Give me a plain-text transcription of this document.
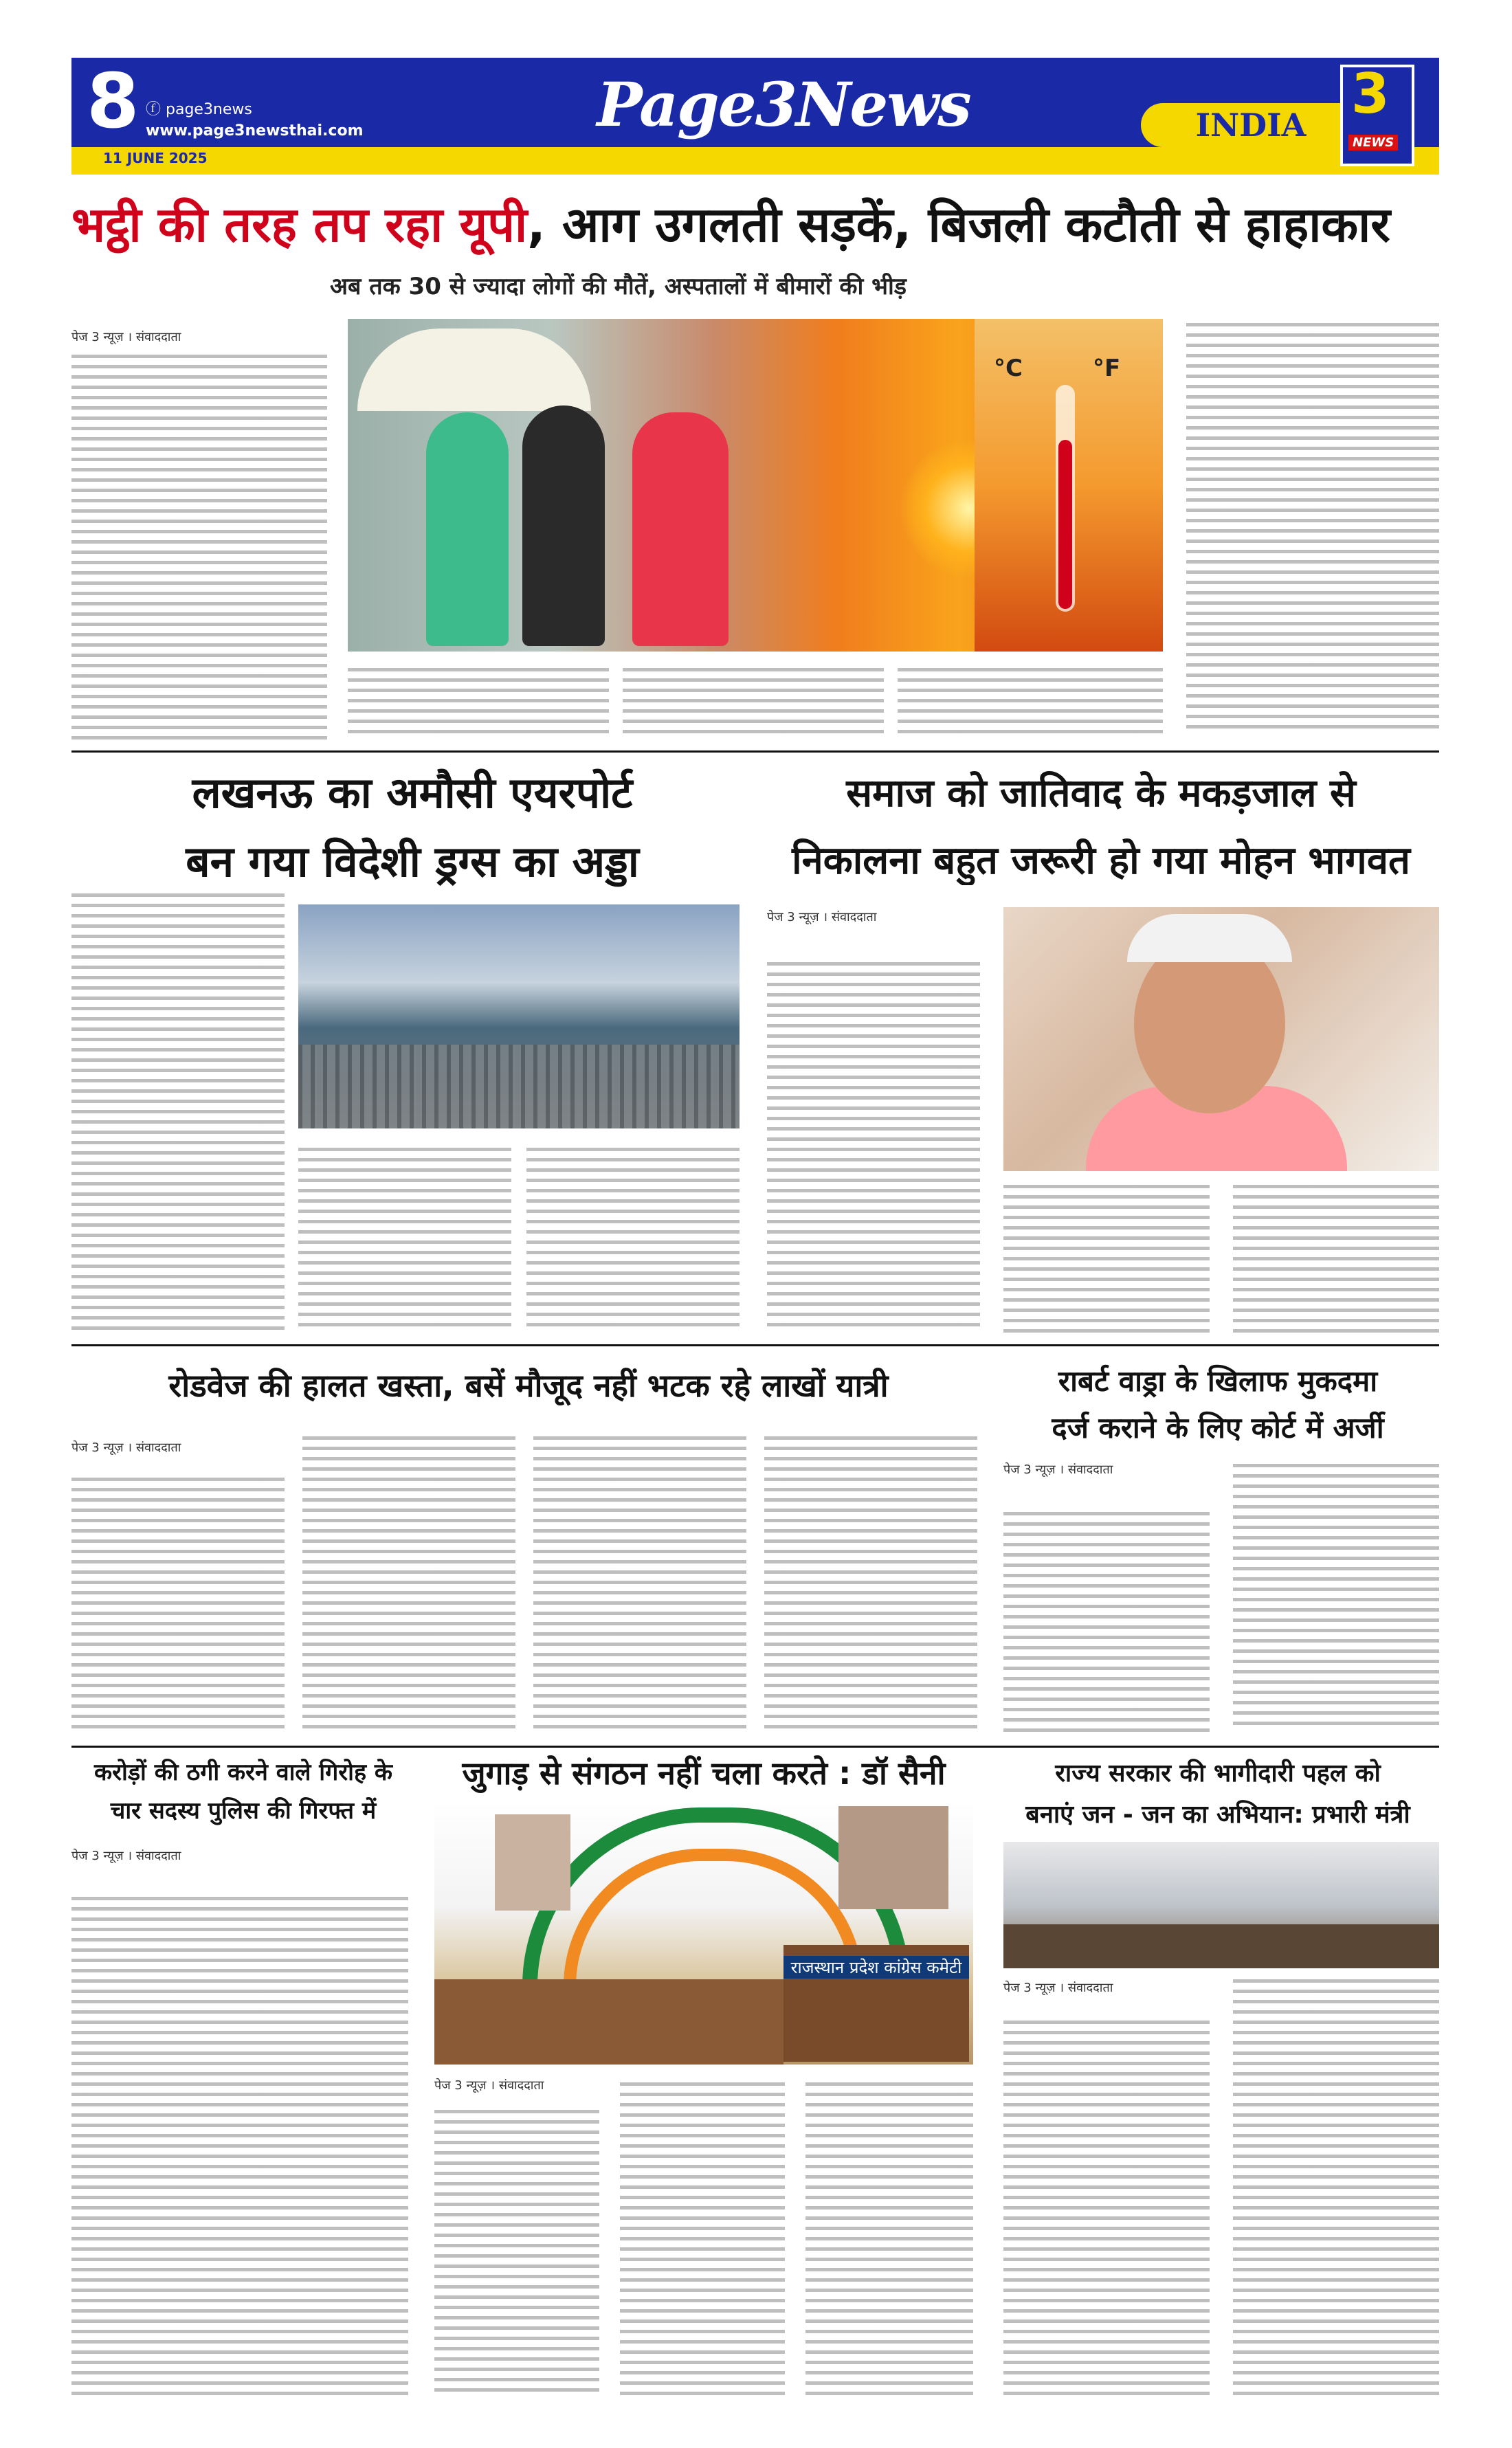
8 ⓕ page3news
www.page3newsthai.com
11 JUNE 2025
Page3News	INDIA 3
NEWS
भट्ठी की तरह तप रहा यूपी, आग उगलती सड़कें, बिजली कटौती से हाहाकार
अब तक 30 से ज्यादा लोगों की मौतें, अस्पतालों में बीमारों की भीड़
पेज 3 न्यूज़ । संवाददाता
°C	°F
लखनऊ का अमौसी एयरपोर्ट
बन गया विदेशी ड्रग्स का अड्डा
समाज को जातिवाद के मकड़जाल से
निकालना बहुत जरूरी हो गया मोहन भागवत
पेज 3 न्यूज़ । संवाददाता
रोडवेज की हालत खस्ता, बसें मौजूद नहीं भटक रहे लाखों यात्री
पेज 3 न्यूज़ । संवाददाता
राबर्ट वाड्रा के खिलाफ मुकदमा
दर्ज कराने के लिए कोर्ट में अर्जी
पेज 3 न्यूज़ । संवाददाता
करोड़ों की ठगी करने वाले गिरोह के
चार सदस्य पुलिस की गिरफ्त में
पेज 3 न्यूज़ । संवाददाता
जुगाड़ से संगठन नहीं चला करते : डॉ सैनी
राजस्थान प्रदेश कांग्रेस कमेटी
पेज 3 न्यूज़ । संवाददाता
राज्य सरकार की भागीदारी पहल को
बनाएं जन - जन का अभियान: प्रभारी मंत्री
पेज 3 न्यूज़ । संवाददाता
